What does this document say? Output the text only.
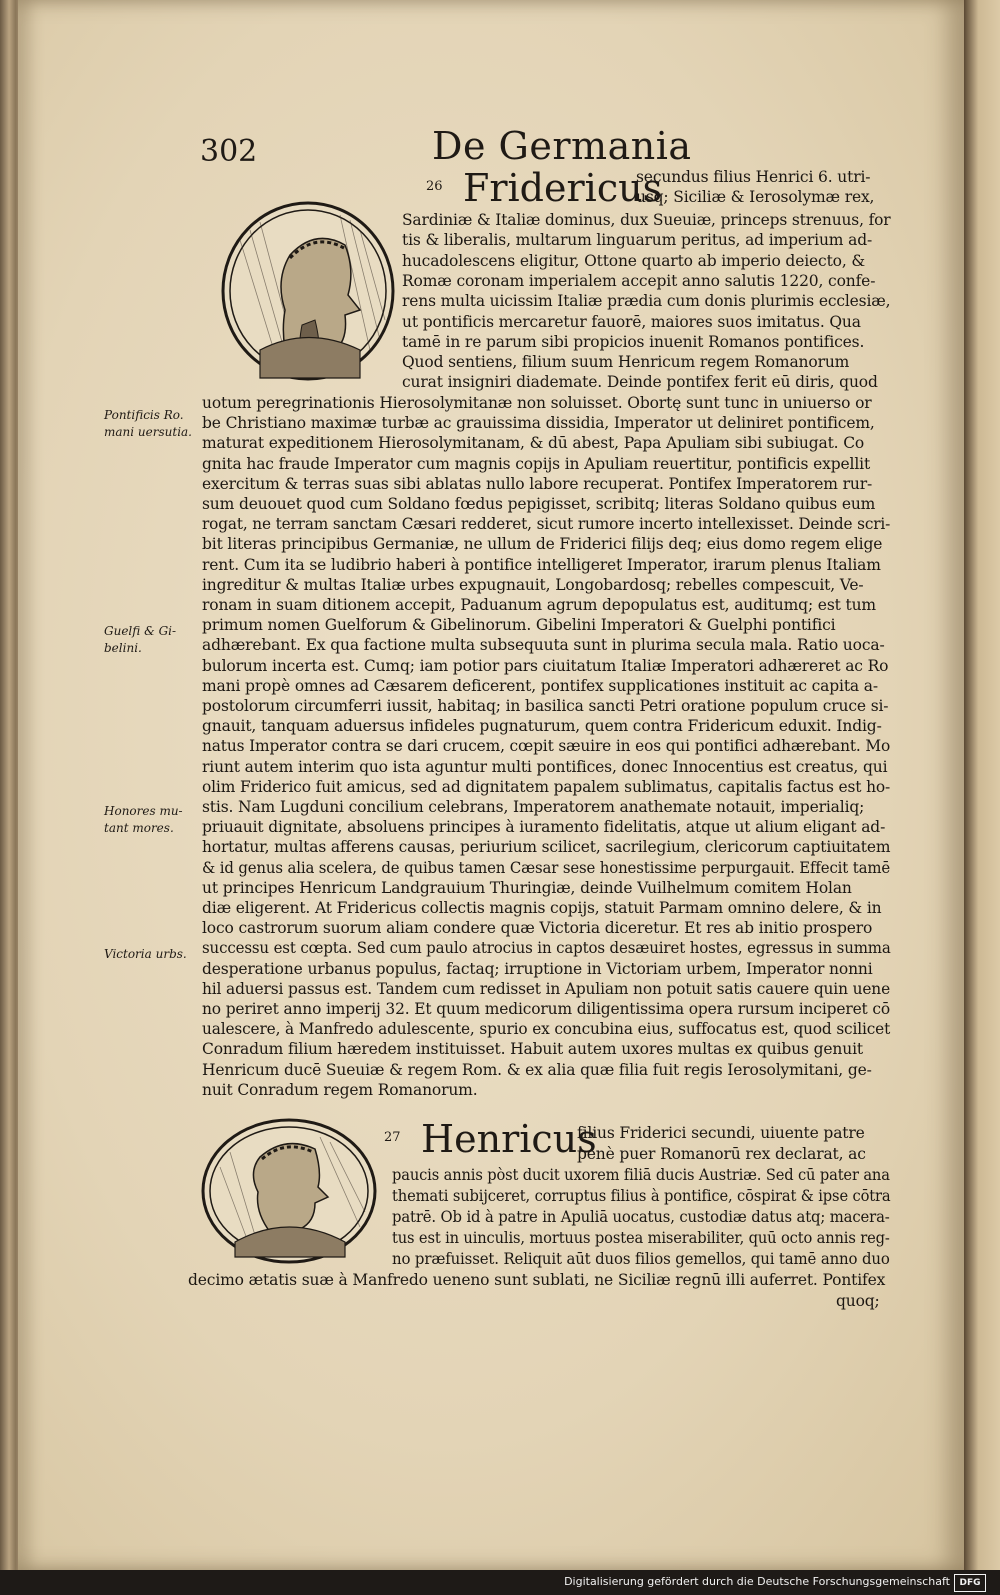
302	De Germania
26 Fridericus
27 Henricus
Pontificis Ro. mani uersutia.
Guelfi & Gi-
belini.
Honores mu-
tant mores.
Victoria urbs.
secundus filius Henrici 6. utri-
usq; Siciliæ & Ierosolymæ rex,
Sardiniæ & Italiæ dominus, dux Sueuiæ, princeps strenuus, for
tis & liberalis, multarum linguarum peritus, ad imperium ad-
hucadolescens eligitur, Ottone quarto ab imperio deiecto, &
Romæ coronam imperialem accepit anno salutis 1220, confe-
rens multa uicissim Italiæ prædia cum donis plurimis ecclesiæ,
ut pontificis mercaretur fauorē, maiores suos imitatus. Qua
tamē in re parum sibi propicios inuenit Romanos pontifices.
Quod sentiens, filium suum Henricum regem Romanorum
curat insigniri diademate. Deinde pontifex ferit eū diris, quod
uotum peregrinationis Hierosolymitanæ non soluisset. Obortę sunt tunc in uniuerso or
be Christiano maximæ turbæ ac grauissima dissidia, Imperator ut deliniret pontificem,
maturat expeditionem Hierosolymitanam, & dū abest, Papa Apuliam sibi subiugat. Co
gnita hac fraude Imperator cum magnis copijs in Apuliam reuertitur, pontificis expellit
exercitum & terras suas sibi ablatas nullo labore recuperat. Pontifex Imperatorem rur-
sum deuouet quod cum Soldano fœdus pepigisset, scribitq; literas Soldano quibus eum
rogat, ne terram sanctam Cæsari redderet, sicut rumore incerto intellexisset. Deinde scri-
bit literas principibus Germaniæ, ne ullum de Friderici filijs deq; eius domo regem elige
rent. Cum ita se ludibrio haberi à pontifice intelligeret Imperator, irarum plenus Italiam
ingreditur & multas Italiæ urbes expugnauit, Longobardosq; rebelles compescuit, Ve-
ronam in suam ditionem accepit, Paduanum agrum depopulatus est, auditumq; est tum
primum nomen Guelforum & Gibelinorum. Gibelini Imperatori & Guelphi pontifici
adhærebant. Ex qua factione multa subsequuta sunt in plurima secula mala. Ratio uoca-
bulorum incerta est. Cumq; iam potior pars ciuitatum Italiæ Imperatori adhæreret ac Ro
mani propè omnes ad Cæsarem deficerent, pontifex supplicationes instituit ac capita a-
postolorum circumferri iussit, habitaq; in basilica sancti Petri oratione populum cruce si-
gnauit, tanquam aduersus infideles pugnaturum, quem contra Fridericum eduxit. Indig-
natus Imperator contra se dari crucem, cœpit sæuire in eos qui pontifici adhærebant. Mo
riunt autem interim quo ista aguntur multi pontifices, donec Innocentius est creatus, qui
olim Friderico fuit amicus, sed ad dignitatem papalem sublimatus, capitalis factus est ho-
stis. Nam Lugduni concilium celebrans, Imperatorem anathemate notauit, imperialiq;
priuauit dignitate, absoluens principes à iuramento fidelitatis, atque ut alium eligant ad-
hortatur, multas afferens causas, periurium scilicet, sacrilegium, clericorum captiuitatem
& id genus alia scelera, de quibus tamen Cæsar sese honestissime perpurgauit. Effecit tamē
ut principes Henricum Landgrauium Thuringiæ, deinde Vuilhelmum comitem Holan
diæ eligerent. At Fridericus collectis magnis copijs, statuit Parmam omnino delere, & in
loco castrorum suorum aliam condere quæ Victoria diceretur. Et res ab initio prospero
successu est cœpta. Sed cum paulo atrocius in captos desæuiret hostes, egressus in summa
desperatione urbanus populus, factaq; irruptione in Victoriam urbem, Imperator nonni
hil aduersi passus est. Tandem cum redisset in Apuliam non potuit satis cauere quin uene
no periret anno imperij 32. Et quum medicorum diligentissima opera rursum inciperet cō
ualescere, à Manfredo adulescente, spurio ex concubina eius, suffocatus est, quod scilicet
Conradum filium hæredem instituisset. Habuit autem uxores multas ex quibus genuit
Henricum ducē Sueuiæ & regem Rom. & ex alia quæ filia fuit regis Ierosolymitani, ge-
nuit Conradum regem Romanorum.
filius Friderici secundi, uiuente patre
penè puer Romanorū rex declarat, ac
paucis annis pòst ducit uxorem filiā ducis Austriæ. Sed cū pater ana
themati subijceret, corruptus filius à pontifice, cōspirat & ipse cōtra
patrē. Ob id à patre in Apuliā uocatus, custodiæ datus atq; macera-
tus est in uinculis, mortuus postea miserabiliter, quū octo annis reg-
no præfuisset. Reliquit aūt duos filios gemellos, qui tamē anno duo
decimo ætatis suæ à Manfredo ueneno sunt sublati, ne Siciliæ regnū illi auferret. Pontifex
quoq;
Digitalisierung gefördert durch die Deutsche Forschungsgemeinschaft	DFG
